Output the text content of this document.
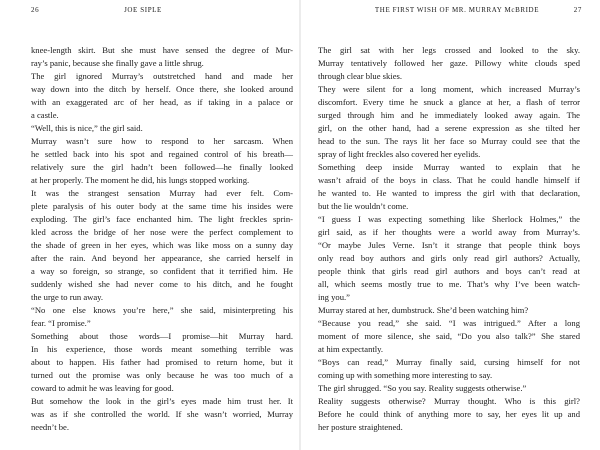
26	JOE SIPLE
knee-length skirt. But she must have sensed the degree of Mur-
ray’s panic, because she finally gave a little shrug.
The girl ignored Murray’s outstretched hand and made her
way down into the ditch by herself. Once there, she looked around
with an exaggerated arc of her head, as if taking in a palace or
a castle.
“Well, this is nice,” the girl said.
Murray wasn’t sure how to respond to her sarcasm. When
he settled back into his spot and regained control of his breath—
relatively sure the girl hadn’t been followed—he finally looked
at her properly. The moment he did, his lungs stopped working.
It was the strangest sensation Murray had ever felt. Com-
plete paralysis of his outer body at the same time his insides were
exploding. The girl’s face enchanted him. The light freckles sprin-
kled across the bridge of her nose were the perfect complement to
the shade of green in her eyes, which was like moss on a sunny day
after the rain. And beyond her appearance, she carried herself in
a way so foreign, so strange, so confident that it terrified him. He
suddenly wished she had never come to his ditch, and he fought
the urge to run away.
“No one else knows you’re here,” she said, misinterpreting his
fear. “I promise.”
Something about those words—I promise—hit Murray hard.
In his experience, those words meant something terrible was
about to happen. His father had promised to return home, but it
turned out the promise was only because he was too much of a
coward to admit he was leaving for good.
But somehow the look in the girl’s eyes made him trust her. It
was as if she controlled the world. If she wasn’t worried, Murray
needn’t be.
THE FIRST WISH OF MR. MURRAY McBRIDE	27
The girl sat with her legs crossed and looked to the sky.
Murray tentatively followed her gaze. Pillowy white clouds sped
through clear blue skies.
They were silent for a long moment, which increased Murray’s
discomfort. Every time he snuck a glance at her, a flash of terror
surged through him and he immediately looked away again. The
girl, on the other hand, had a serene expression as she tilted her
head to the sun. The rays lit her face so Murray could see that the
spray of light freckles also covered her eyelids.
Something deep inside Murray wanted to explain that he
wasn’t afraid of the boys in class. That he could handle himself if
he wanted to. He wanted to impress the girl with that declaration,
but the lie wouldn’t come.
“I guess I was expecting something like Sherlock Holmes,” the
girl said, as if her thoughts were a world away from Murray’s.
“Or maybe Jules Verne. Isn’t it strange that people think boys
only read boy authors and girls only read girl authors? Actually,
people think that girls read girl authors and boys can’t read at
all, which seems mostly true to me. That’s why I’ve been watch-
ing you.”
Murray stared at her, dumbstruck. She’d been watching him?
“Because you read,” she said. “I was intrigued.” After a long
moment of more silence, she said, “Do you also talk?” She stared
at him expectantly.
“Boys can read,” Murray finally said, cursing himself for not
coming up with something more interesting to say.
The girl shrugged. “So you say. Reality suggests otherwise.”
Reality suggests otherwise? Murray thought. Who is this girl?
Before he could think of anything more to say, her eyes lit up and
her posture straightened.
